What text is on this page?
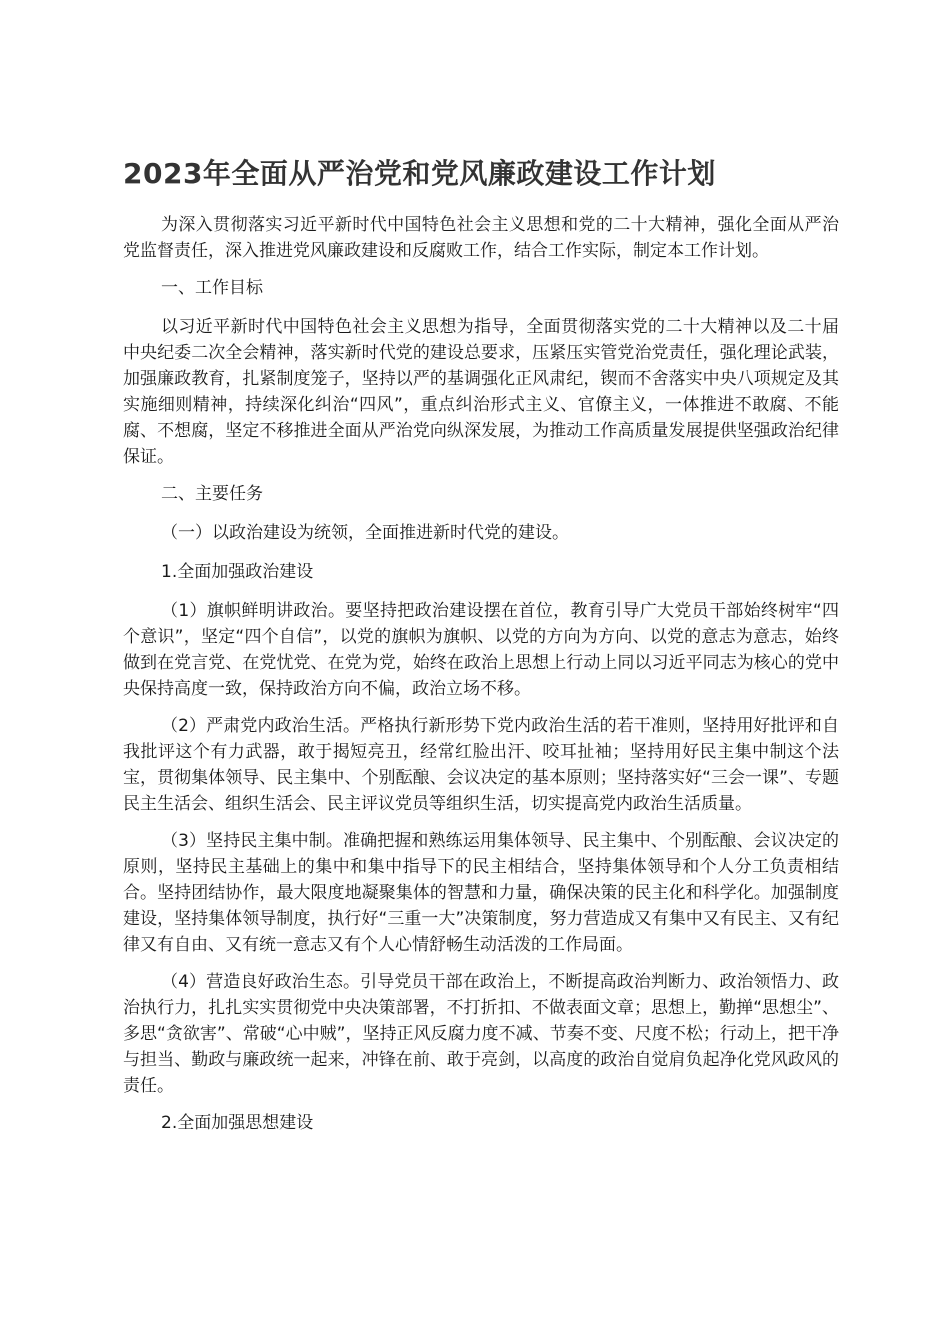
2023年全面从严治党和党风廉政建设工作计划

为深入贯彻落实习近平新时代中国特色社会主义思想和党的二十大精神，强化全面从严治党监督责任，深入推进党风廉政建设和反腐败工作，结合工作实际，制定本工作计划。

一、工作目标

以习近平新时代中国特色社会主义思想为指导，全面贯彻落实党的二十大精神以及二十届中央纪委二次全会精神，落实新时代党的建设总要求，压紧压实管党治党责任，强化理论武装，加强廉政教育，扎紧制度笼子，坚持以严的基调强化正风肃纪，锲而不舍落实中央八项规定及其实施细则精神，持续深化纠治“四风”，重点纠治形式主义、官僚主义，一体推进不敢腐、不能腐、不想腐，坚定不移推进全面从严治党向纵深发展，为推动工作高质量发展提供坚强政治纪律保证。

二、主要任务

（一）以政治建设为统领，全面推进新时代党的建设。

1.全面加强政治建设

（1）旗帜鲜明讲政治。要坚持把政治建设摆在首位，教育引导广大党员干部始终树牢“四个意识”，坚定“四个自信”，以党的旗帜为旗帜、以党的方向为方向、以党的意志为意志，始终做到在党言党、在党忧党、在党为党，始终在政治上思想上行动上同以习近平同志为核心的党中央保持高度一致，保持政治方向不偏，政治立场不移。

（2）严肃党内政治生活。严格执行新形势下党内政治生活的若干准则，坚持用好批评和自我批评这个有力武器，敢于揭短亮丑，经常红脸出汗、咬耳扯袖；坚持用好民主集中制这个法宝，贯彻集体领导、民主集中、个别酝酿、会议决定的基本原则；坚持落实好“三会一课”、专题民主生活会、组织生活会、民主评议党员等组织生活，切实提高党内政治生活质量。

（3）坚持民主集中制。准确把握和熟练运用集体领导、民主集中、个别酝酿、会议决定的原则，坚持民主基础上的集中和集中指导下的民主相结合，坚持集体领导和个人分工负责相结合。坚持团结协作，最大限度地凝聚集体的智慧和力量，确保决策的民主化和科学化。加强制度建设，坚持集体领导制度，执行好“三重一大”决策制度，努力营造成又有集中又有民主、又有纪律又有自由、又有统一意志又有个人心情舒畅生动活泼的工作局面。

（4）营造良好政治生态。引导党员干部在政治上，不断提高政治判断力、政治领悟力、政治执行力，扎扎实实贯彻党中央决策部署，不打折扣、不做表面文章；思想上，勤掸“思想尘”、多思“贪欲害”、常破“心中贼”，坚持正风反腐力度不减、节奏不变、尺度不松；行动上，把干净与担当、勤政与廉政统一起来，冲锋在前、敢于亮剑，以高度的政治自觉肩负起净化党风政风的责任。

2.全面加强思想建设
